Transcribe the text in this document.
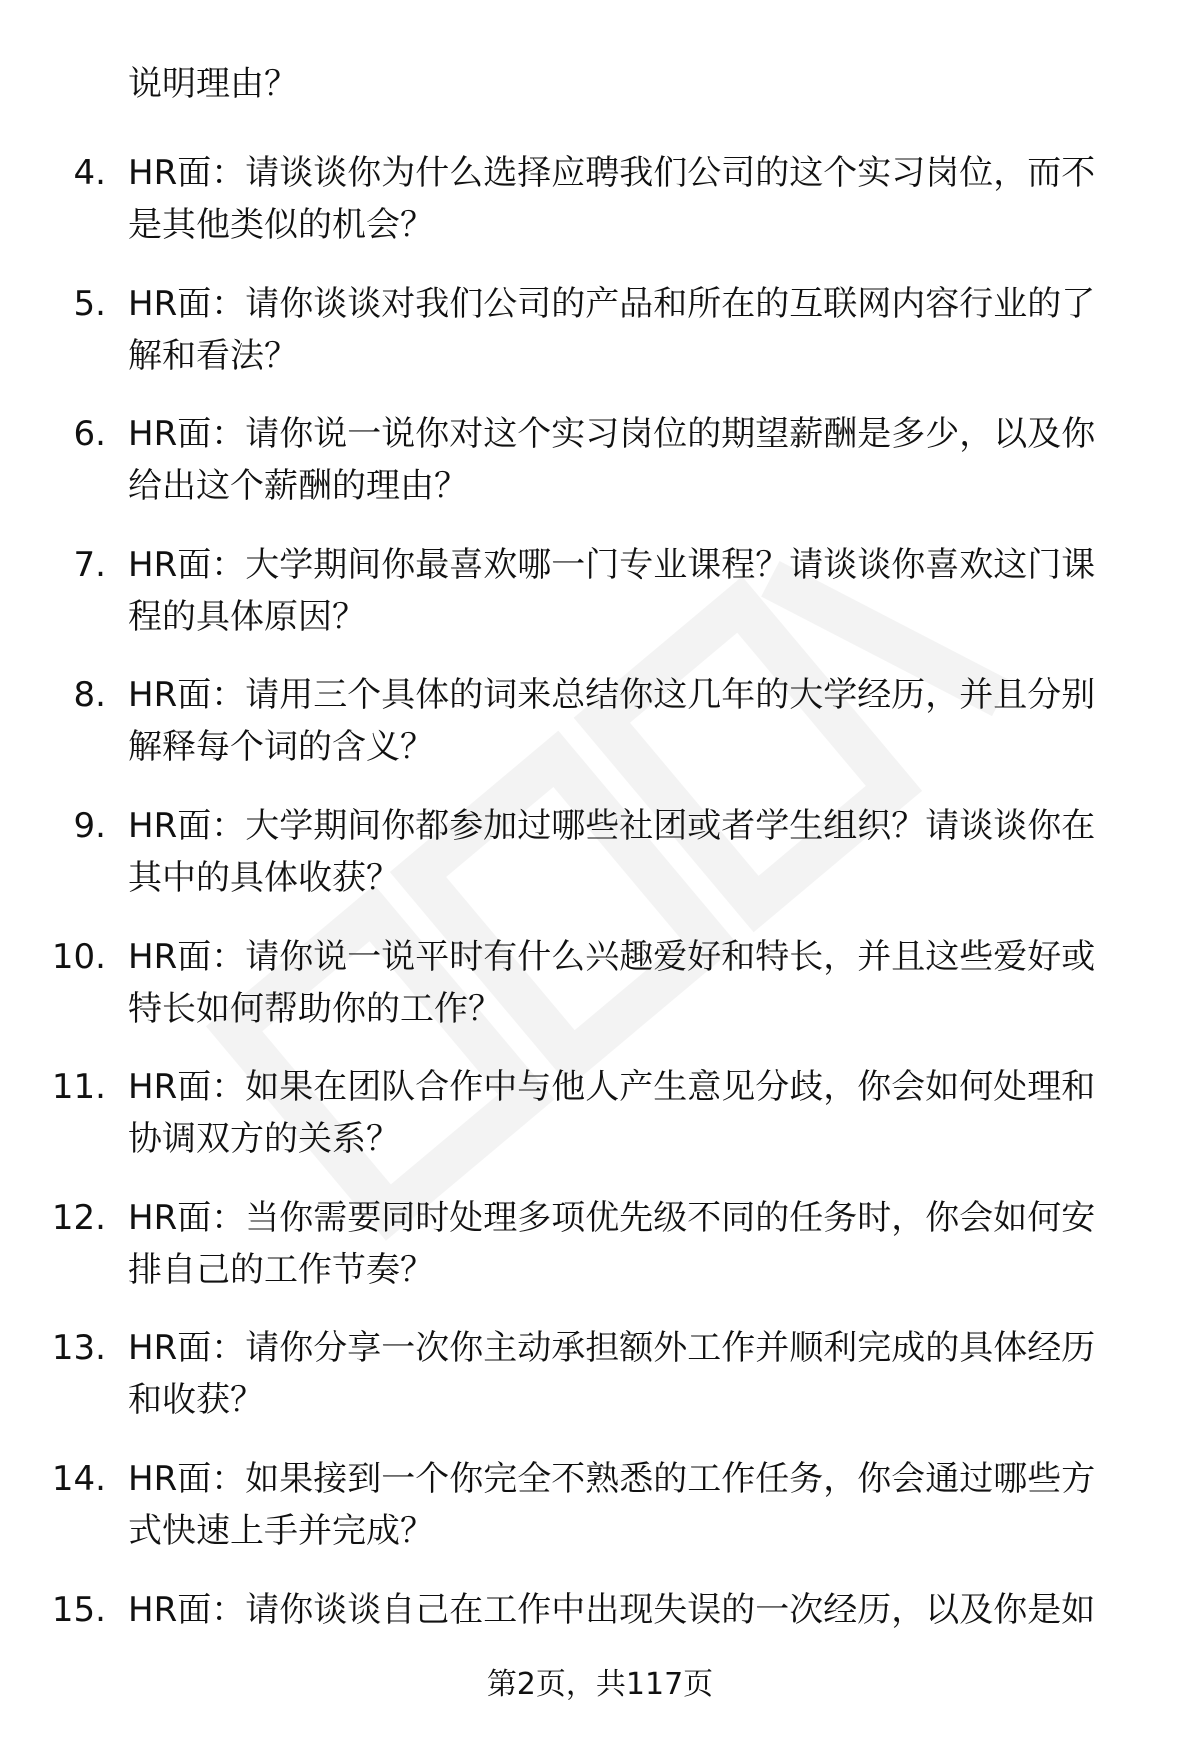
说明理由？
4. HR面：请谈谈你为什么选择应聘我们公司的这个实习岗位，而不
是其他类似的机会？
5. HR面：请你谈谈对我们公司的产品和所在的互联网内容行业的了
解和看法？
6. HR面：请你说一说你对这个实习岗位的期望薪酬是多少，以及你
给出这个薪酬的理由？
7. HR面：大学期间你最喜欢哪一门专业课程？请谈谈你喜欢这门课
程的具体原因？
8. HR面：请用三个具体的词来总结你这几年的大学经历，并且分别
解释每个词的含义？
9. HR面：大学期间你都参加过哪些社团或者学生组织？请谈谈你在
其中的具体收获？
10. HR面：请你说一说平时有什么兴趣爱好和特长，并且这些爱好或
特长如何帮助你的工作？
11. HR面：如果在团队合作中与他人产生意见分歧，你会如何处理和
协调双方的关系？
12. HR面：当你需要同时处理多项优先级不同的任务时，你会如何安
排自己的工作节奏？
13. HR面：请你分享一次你主动承担额外工作并顺利完成的具体经历
和收获？
14. HR面：如果接到一个你完全不熟悉的工作任务，你会通过哪些方
式快速上手并完成？
15. HR面：请你谈谈自己在工作中出现失误的一次经历，以及你是如
第2页，共117页
